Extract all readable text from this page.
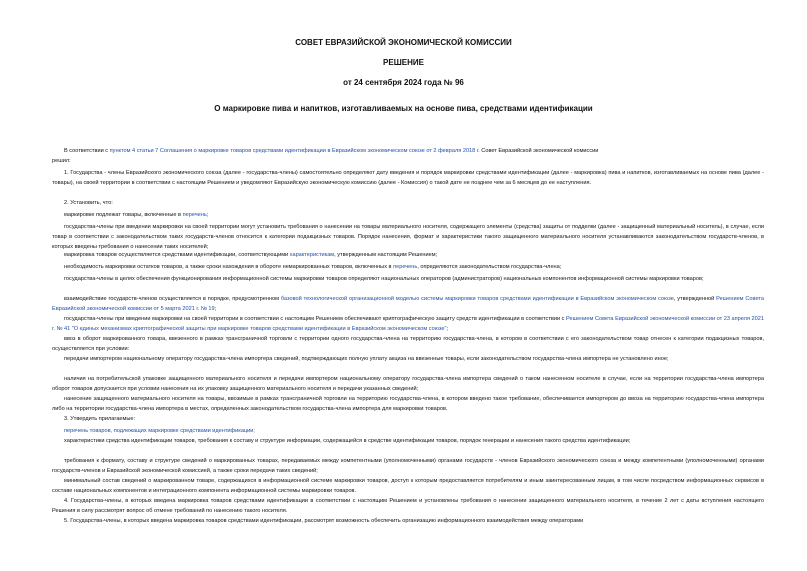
СОВЕТ ЕВРАЗИЙСКОЙ ЭКОНОМИЧЕСКОЙ КОМИССИИ
РЕШЕНИЕ
от 24 сентября 2024 года № 96
О маркировке пива и напитков, изготавливаемых на основе пива, средствами идентификации
В соответствии с пунктом 4 статьи 7 Соглашения о маркировке товаров средствами идентификации в Евразийском экономическом союзе от 2 февраля 2018 г. Совет Евразийской экономической комиссии
решил:
1. Государства - члены Евразийского экономического союза (далее - государства-члены) самостоятельно определяют дату введения и порядок маркировки средствами идентификации (далее - маркировка) пива и напитков, изготавливаемых на основе пива (далее - товары), на своей территории в соответствии с настоящим Решением и уведомляют Евразийскую экономическую комиссию (далее - Комиссия) о такой дате не позднее чем за 6 месяцев до ее наступления.
2. Установить, что:
маркировке подлежат товары, включенные в перечень;
государства-члены при введении маркировки на своей территории могут установить требования о нанесении на товары материального носителя, содержащего элементы (средства) защиты от подделки (далее - защищенный материальный носитель), в случае, если товар в соответствии с законодательством таких государств-членов относится к категории подакцизных товаров. Порядок нанесения, формат и характеристики такого защищенного материального носителя устанавливаются законодательством государств-членов, в которых введены требования о нанесении таких носителей;
маркировка товаров осуществляется средствами идентификации, соответствующими характеристикам, утвержденным настоящим Решением;
необходимость маркировки остатков товаров, а также сроки нахождения в обороте немаркированных товаров, включенных в перечень, определяются законодательством государства-члена;
государства-члены в целях обеспечения функционирования информационной системы маркировки товаров определяют национальных операторов (администраторов) национальных компонентов информационной системы маркировки товаров;
взаимодействие государств-членов осуществляется в порядке, предусмотренном базовой технологической организационной моделью системы маркировки товаров средствами идентификации в Евразийском экономическом союзе, утвержденной Решением Совета Евразийской экономической комиссии от 5 марта 2021 г. № 19;
государства-члены при введении маркировки на своей территории в соответствии с настоящим Решением обеспечивают криптографическую защиту средств идентификации в соответствии с Решением Совета Евразийской экономической комиссии от 23 апреля 2021 г. № 41 "О единых механизмах криптографической защиты при маркировке товаров средствами идентификации в Евразийском экономическом союзе";
ввоз в оборот маркированного товара, ввезенного в рамках трансграничной торговли с территории одного государства-члена на территорию государства-члена, в котором в соответствии с его законодательством товар отнесен к категории подакцизных товаров, осуществляется при условии:
передачи импортером национальному оператору государства-члена импортера сведений, подтверждающих полную уплату акциза на ввезенные товары, если законодательством государства-члена импортера не установлено иное;
наличия на потребительской упаковке защищенного материального носителя и передачи импортером национальному оператору государства-члена импортера сведений о таком нанесенном носителе в случае, если на территории государства-члена импортера оборот товаров допускается при условии нанесения на их упаковку защищенного материального носителя и передачи указанных сведений;
нанесение защищенного материального носителя на товары, ввозимые в рамках трансграничной торговли на территорию государства-члена, в котором введено такое требование, обеспечивается импортером до ввоза на территорию государства-члена импортера либо на территории государства-члена импортера в местах, определенных законодательством государства-члена импортера для маркировки товаров.
3. Утвердить прилагаемые:
перечень товаров, подлежащих маркировке средствами идентификации;
характеристики средства идентификации товаров, требования к составу и структуре информации, содержащейся в средстве идентификации товаров, порядок генерации и нанесения такого средства идентификации;
требования к формату, составу и структуре сведений о маркированных товарах, передаваемых между компетентными (уполномоченными) органами государств - членов Евразийского экономического союза и между компетентными (уполномоченными) органами государств-членов и Евразийской экономической комиссией, а также сроки передачи таких сведений;
минимальный состав сведений о маркированном товаре, содержащихся в информационной системе маркировки товаров, доступ к которым предоставляется потребителям и иным заинтересованным лицам, в том числе посредством информационных сервисов в составе национальных компонентов и интеграционного компонента информационной системы маркировки товаров.
4. Государства-члены, в которых введена маркировка товаров средствами идентификации в соответствии с настоящим Решением и установлены требования о нанесении защищенного материального носителя, в течение 2 лет с даты вступления настоящего Решения в силу рассмотрят вопрос об отмене требований по нанесению такого носителя.
5. Государства-члены, в которых введена маркировка товаров средствами идентификации, рассмотрят возможность обеспечить организацию информационного взаимодействия между операторами
